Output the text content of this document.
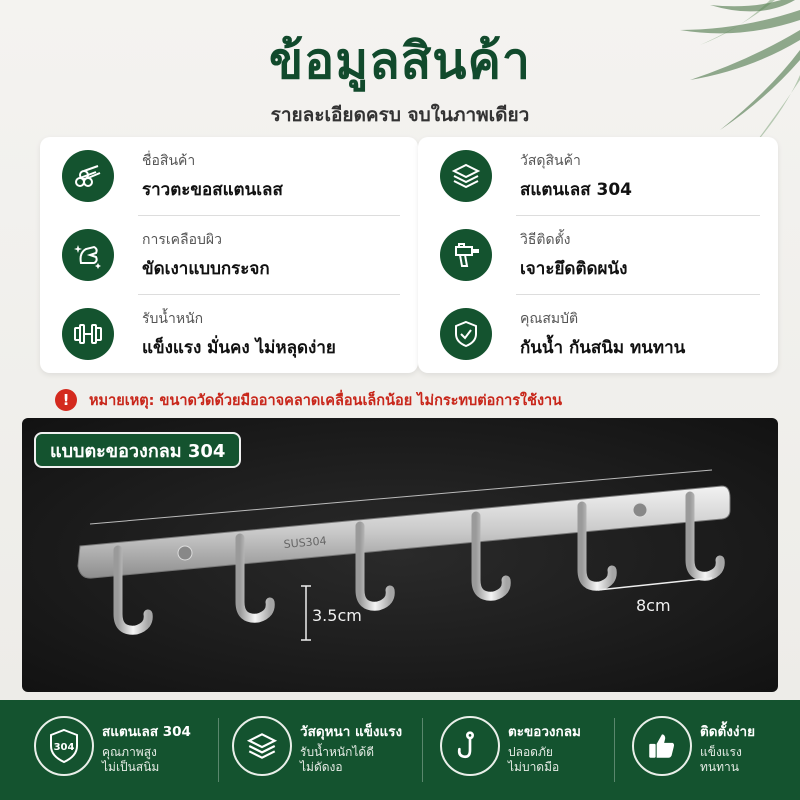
ข้อมูลสินค้า
รายละเอียดครบ จบในภาพเดียว
ชื่อสินค้า
ราวตะขอสแตนเลส
การเคลือบผิว
ขัดเงาแบบกระจก
รับน้ำหนัก
แข็งแรง มั่นคง ไม่หลุดง่าย
วัสดุสินค้า
สแตนเลส 304
วิธีติดตั้ง
เจาะยึดติดผนัง
คุณสมบัติ
กันน้ำ กันสนิม ทนทาน
!	หมายเหตุ: ขนาดวัดด้วยมืออาจคลาดเคลื่อนเล็กน้อย ไม่กระทบต่อการใช้งาน
SUS304
3.5cm
8cm
แบบตะขอวงกลม 304
304
สแตนเลส 304
คุณภาพสูง
ไม่เป็นสนิม
วัสดุหนา แข็งแรง
รับน้ำหนักได้ดี
ไม่ดัดงอ
ตะขอวงกลม
ปลอดภัย
ไม่บาดมือ
ติดตั้งง่าย
แข็งแรง
ทนทาน
